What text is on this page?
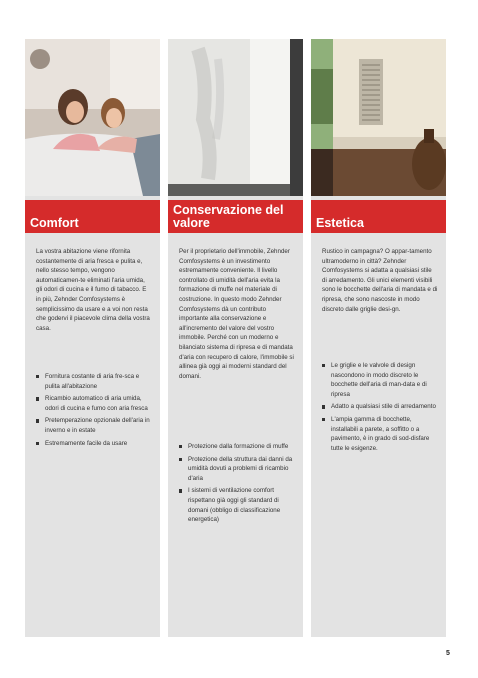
Comfort

La vostra abitazione viene rifornita costantemente di aria fresca e pulita e, nello stesso tempo, vengono automaticamen-te eliminati l'aria umida, gli odori di cucina e il fumo di tabacco. E in più, Zehnder Comfosystems è semplicissimo da usare e a voi non resta che godervi il piacevole clima della vostra casa.

Fornitura costante di aria fre-sca e pulita all'abitazione
Ricambio automatico di aria umida, odori di cucina e fumo con aria fresca
Pretemperazione opzionale dell'aria in inverno e in estate
Estremamente facile da usare
Conservazione del valore

Per il proprietario dell'immobile, Zehnder Comfosystems è un investimento estremamente conveniente. Il livello controllato di umidità dell'aria evita la formazione di muffe nel materiale di costruzione. In questo modo Zehnder Comfosystems dà un contributo importante alla conservazione e all'incremento del valore del vostro immobile. Perché con un moderno e bilanciato sistema di ripresa e di mandata d'aria con recupero di calore, l'immobile si allinea già oggi ai moderni standard del domani.

Protezione dalla formazione di muffe
Protezione della struttura dai danni da umidità dovuti a problemi di ricambio d'aria
I sistemi di ventilazione comfort rispettano già oggi gli standard di domani (obbligo di classificazione energetica)
Estetica

Rustico in campagna? O appar-tamento ultramoderno in città? Zehnder Comfosystems si adatta a qualsiasi stile di arredamento. Gli unici elementi visibili sono le bocchette dell'aria di mandata e di ripresa, che sono nascoste in modo discreto dalle griglie desi-gn.

Le griglie e le valvole di design nascondono in modo discreto le bocchette dell'aria di man-data e di ripresa
Adatto a qualsiasi stile di arredamento
L'ampia gamma di bocchette, installabili a parete, a soffitto o a pavimento, è in grado di sod-disfare tutte le esigenze.
5
